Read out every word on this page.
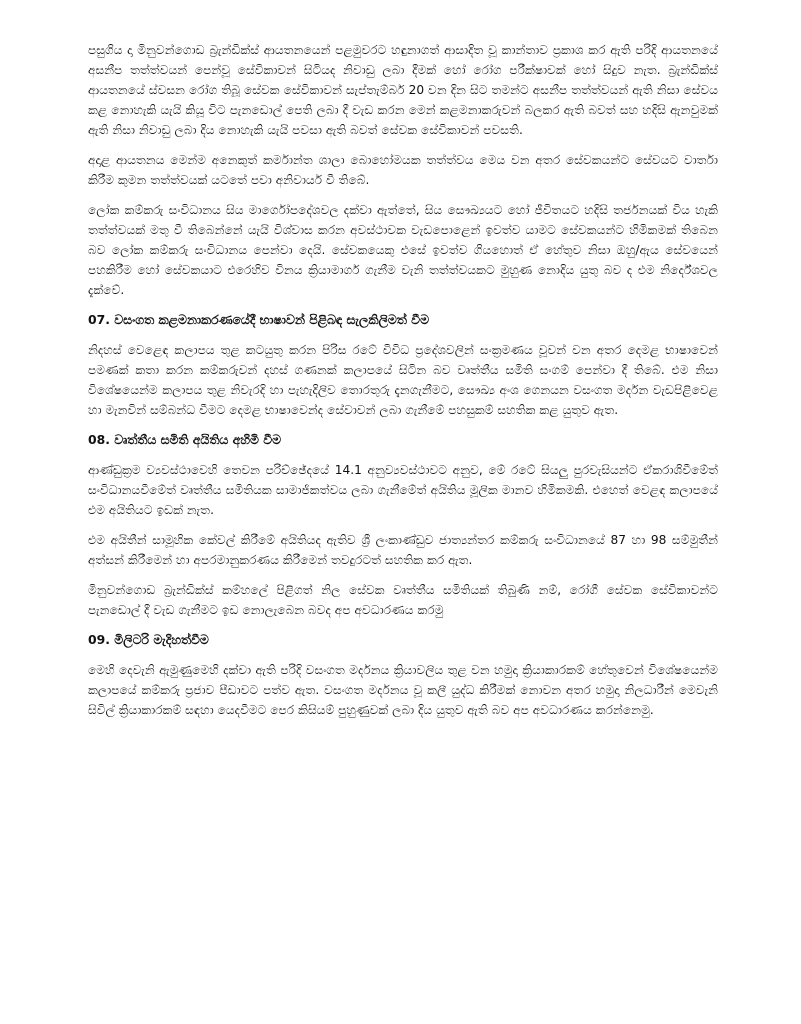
පසුගිය දා මිනුවන්ගොඩ බ්‍රැන්ඩික්ස් ආයතනයෙන් පළමුවරට හඳුනාගත් ආසාදිත වූ කාන්තාව ප්‍රකාශ කර ඇති පරිදි ආයතනයේ අසනීප තත්ත්වයන් පෙන්වූ සේවිකාවන් සිටියද නිවාඩු ලබා දීමක් හෝ රෝග පරීක්ෂාවක් හෝ සිදුව නැත. බ්‍රැන්ඩික්ස් ආයතනයේ ස්වසන රෝග තිබූ සේවක සේවිකාවන් සැප්තැම්බර් 20 වන දින සිට තමන්ට අසනීප තත්ත්වයන් ඇති නිසා සේවය කළ නොහැකි යැයි කියූ විට පැනඩොල් පෙති ලබා දී වැඩ කරන මෙන් කළමනාකරුවන් බලකර ඇති බවත් සහ හදිසි ඇනවුමක් ඇති නිසා නිවාඩු ලබා දිය නොහැකි යැයි පවසා ඇති බවත් සේවක සේවිකාවන් පවසති.

අදාළ ආයතනය මෙන්ම අනෙකුත් කර්මාන්ත ශාලා බොහෝමයක තත්ත්වය මෙය වන අතර සේවකයන්ට සේවයට වාර්තා කිරීම කුමන තත්ත්වයක් යටතේ පවා අනිවාර්ය වී තිබේ.

ලෝක කම්කරු සංවිධානය සිය මාර්ගෝපදේශවල දක්වා ඇත්තේ, සිය සෞඛ්‍යයට හෝ ජීවිතයට හදිසි තර්ජනයක් විය හැකි තත්ත්වයක් මතු වී තිබෙන්නේ යැයි විශ්වාස කරන අවස්ථාවක වැඩපොළෙන් ඉවත්ව යාමට සේවකයන්ට හිමිකමක් තිබෙන බව ලෝක කම්කරු සංවිධානය පෙන්වා දෙයි. සේවකයෙකු එසේ ඉවත්ව ගියහොත් ඒ හේතුව නිසා ඔහු/ඇය සේවයෙන් පහකිරීම හෝ සේවකයාට එරෙහිව විනය ක්‍රියාමාර්ග ගැනීම වැනි තත්ත්වයකට මුහුණ නොදිය යුතු බව ද එම නිර්දේශවල දැක්වේ.

07. වසංගත කළමනාකරණයේදී භාෂාවන් පිළිබඳ සැලකිලිමත් වීම

නිදහස් වෙළෙඳ කලාපය තුළ කටයුතු කරන පිරිස රටේ විවිධ ප්‍රදේශවලින් සංක්‍රමණය වූවන් වන අතර දෙමළ භාෂාවෙන් පමණක් කතා කරන කම්කරුවන් දහස් ගණනක් කලාපයේ සිටින බව වෘත්තීය සමිති සංගම් පෙන්වා දී තිබේ. එම නිසා විශේෂයෙන්ම කලාපය තුළ නිවැරදි හා පැහැදිලිව තොරතුරු දැනගැනීමට, සෞඛ්‍ය අංශ ගෙනයන වසංගත මර්දන වැඩපිළිවෙළ හා මැනවින් සම්බන්ධ වීමට දෙමළ භාෂාවෙන්ද සේවාවන් ලබා ගැනීමේ පහසුකම් සහතික කළ යුතුව ඇත.

08. වෘත්තීය සමිති අයිතිය අහිමි වීම

ආණ්ඩුක්‍රම ව්‍යවස්ථාවෙහි තෙවන පරිච්ඡේදයේ 14.1 අනුව්‍යවස්ථාවට අනුව, මේ රටේ සියලු පුරවැසියන්ට ඒකරාශිවීමේත් සංවිධානයවීමේත් වෘත්තීය සමිතියක සාමාජිකත්වය ලබා ගැනීමේත් අයිතිය මූලික මානව හිමිකමකි. එහෙත් වෙළඳ කලාපයේ එම අයිතියට ඉඩක් නැත.

එම අයිතීන් සාමූහික කේවල් කිරීමේ අයිතියද ඇතිව ශ්‍රී ලංකාණ්ඩුව ජාත්‍යන්තර කම්කරු සංවිධානයේ 87 හා 98 සම්මුතීන් අත්සන් කිරීමෙන් හා අපරමානුකරණය කිරීමෙන් තවදුරටත් සහතික කර ඇත.

මිනුවන්ගොඩ බ්‍රැන්ඩික්ස් කම්හලේ පිළිගත් නිල සේවක වෘත්තීය සමිතියක් තිබුණි නම්, රෝගී සේවක සේවිකාවන්ට පැනඩොල් දී වැඩ ගැනීමට ඉඩ නොලැබෙන බවද අප අවධාරණය කරමු

09. මිලිටරි මැදිහත්වීම

මෙහි දෙවැනි ඇමුණුමෙහි දක්වා ඇති පරිදි වසංගත මර්දනය ක්‍රියාවලිය තුළ වන හමුදා ක්‍රියාකාරකම් හේතුවෙන් විශේෂයෙන්ම කලාපයේ කම්කරු ප්‍රජාව පීඩාවට පත්ව ඇත. වසංගත මර්දනය වූ කලී යුද්ධ කිරීමක් නොවන අතර හමුදා නිලධාරීන් මෙවැනි සිවිල් ක්‍රියාකාරකම් සඳහා යෙදවීමට පෙර කිසියම් පුහුණුවක් ලබා දිය යුතුව ඇති බව අප අවධාරණය කරන්නෙමු.
